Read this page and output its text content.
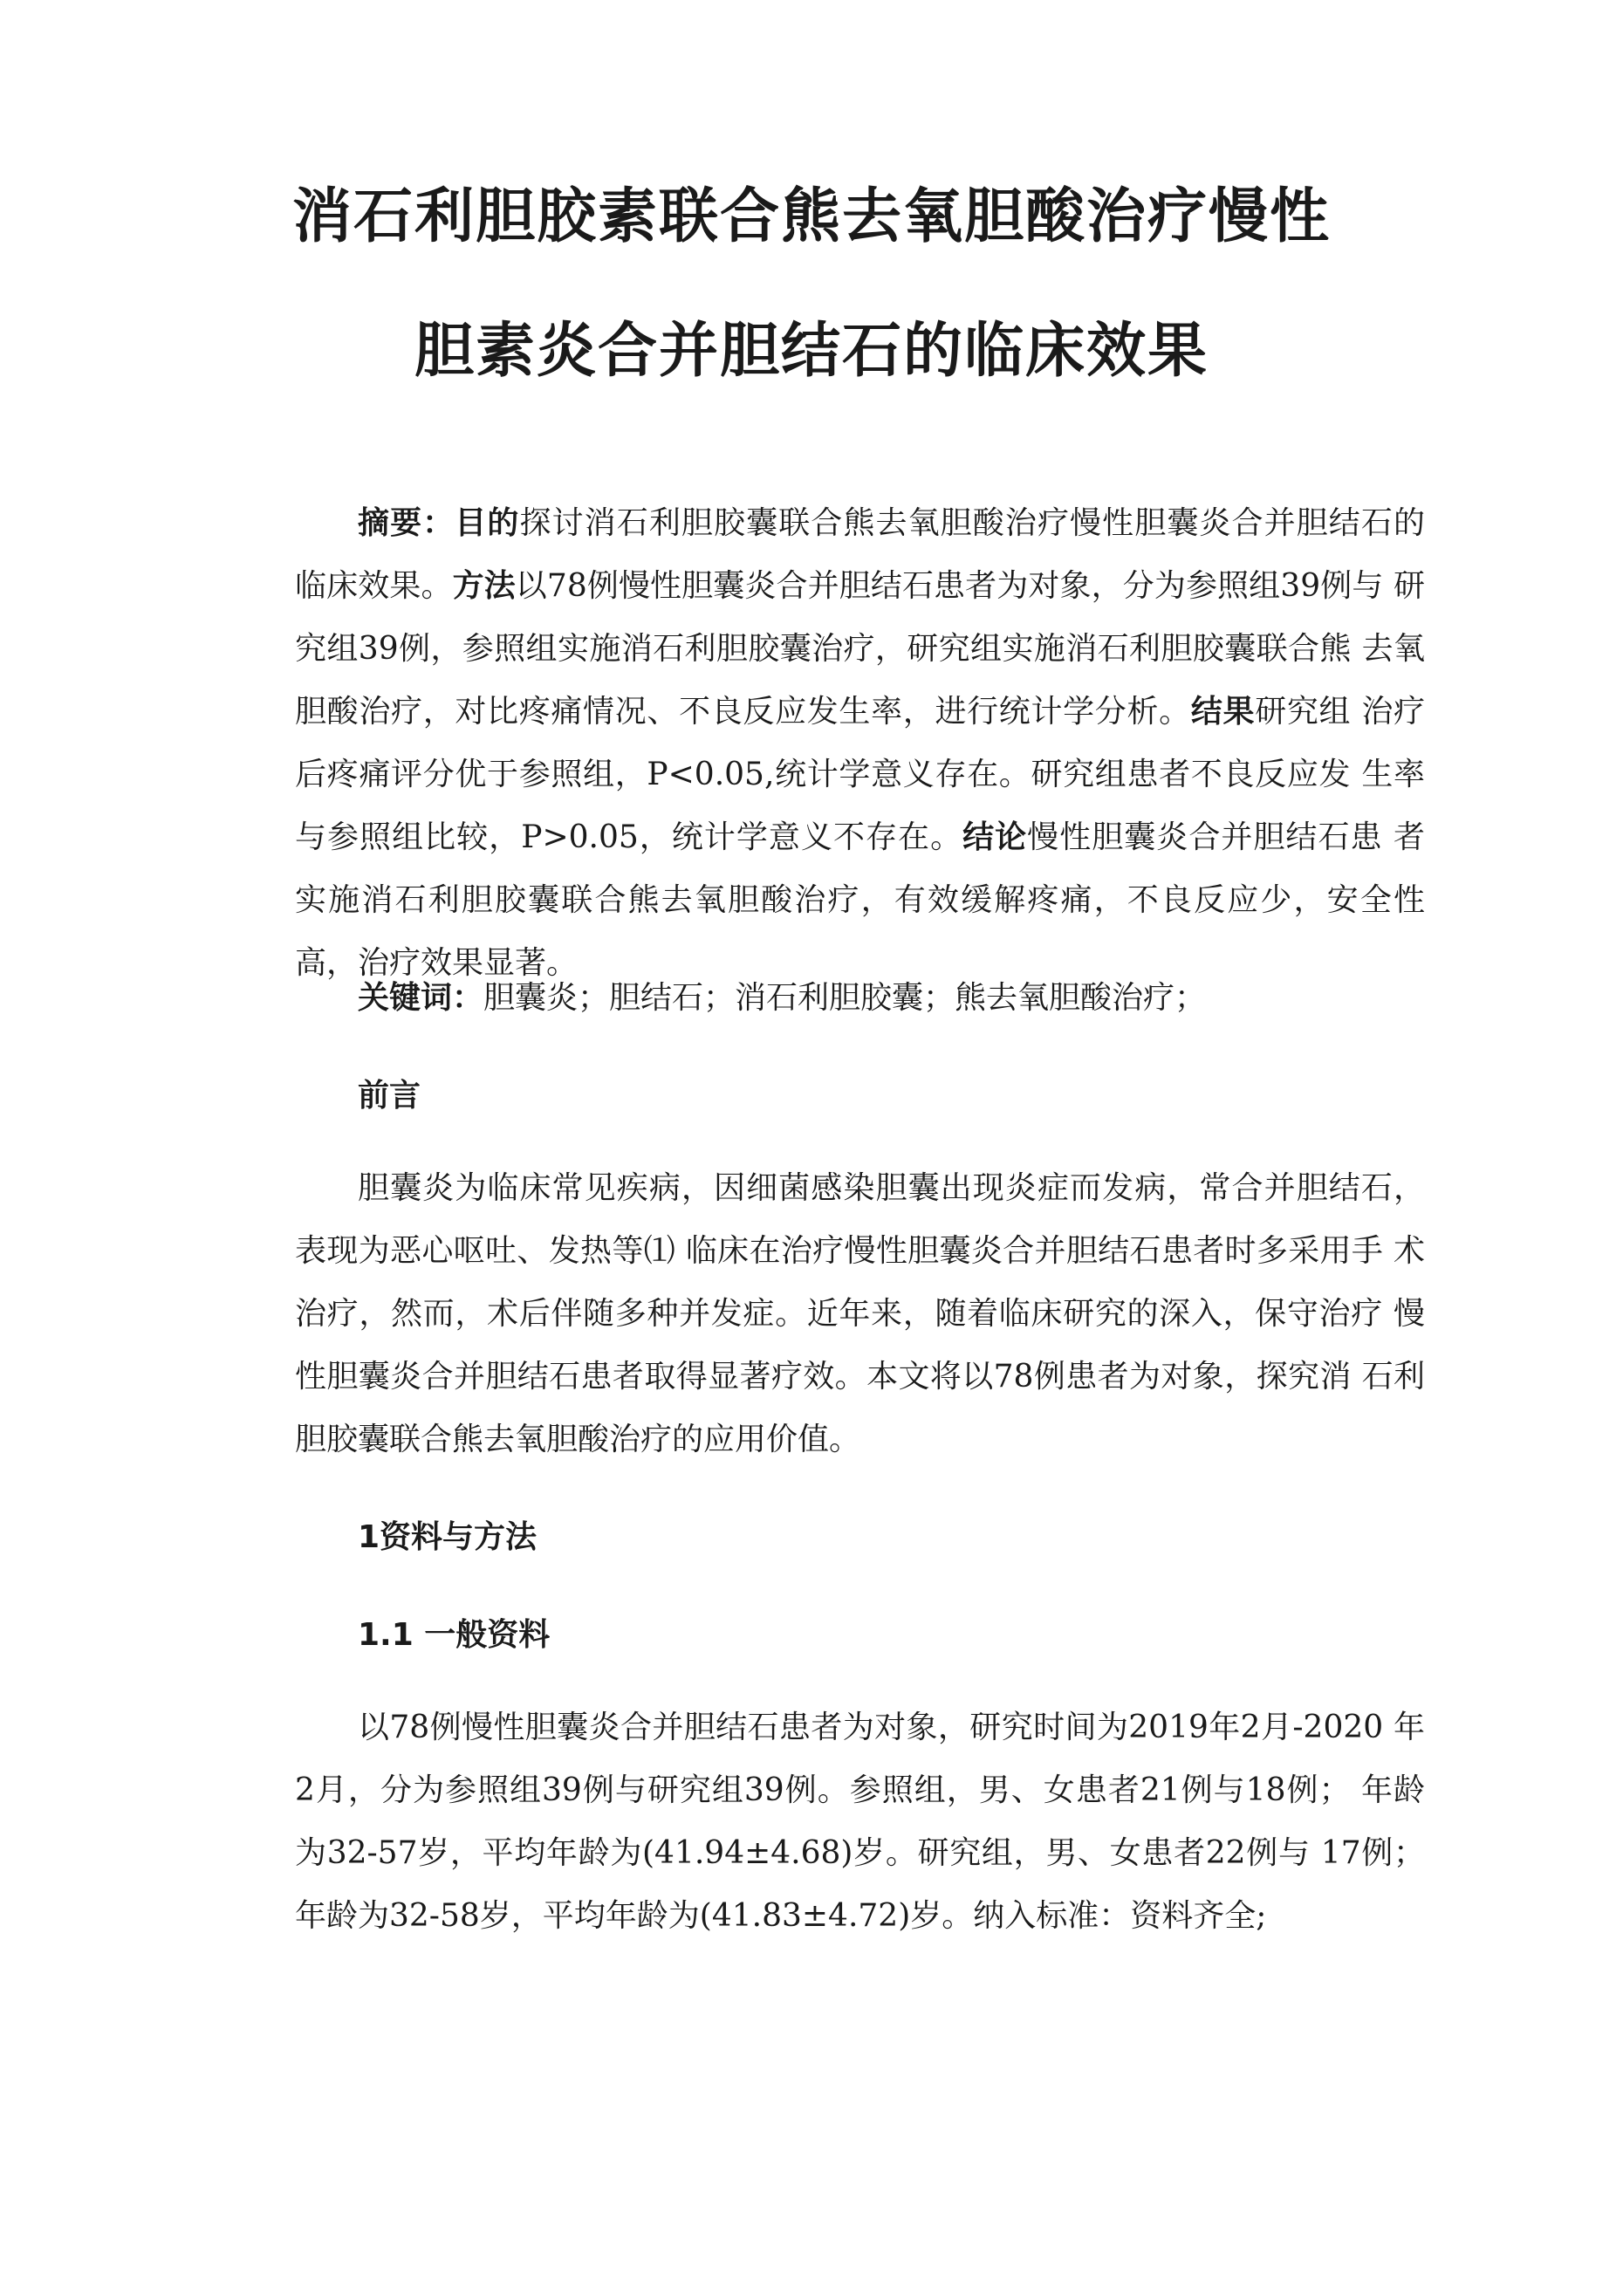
消石利胆胶素联合熊去氧胆酸治疗慢性
胆素炎合并胆结石的临床效果

摘要：目的探讨消石利胆胶囊联合熊去氧胆酸治疗慢性胆囊炎合并胆结石的 临床效果。方法以78例慢性胆囊炎合并胆结石患者为对象，分为参照组39例与 研究组39例，参照组实施消石利胆胶囊治疗，研究组实施消石利胆胶囊联合熊 去氧胆酸治疗，对比疼痛情况、不良反应发生率，进行统计学分析。结果研究组 治疗后疼痛评分优于参照组，P<0.05,统计学意义存在。研究组患者不良反应发 生率与参照组比较，P>0.05，统计学意义不存在。结论慢性胆囊炎合并胆结石患 者实施消石利胆胶囊联合熊去氧胆酸治疗，有效缓解疼痛，不良反应少，安全性 高，治疗效果显著。

关键词：胆囊炎；胆结石；消石利胆胶囊；熊去氧胆酸治疗；

前言

胆囊炎为临床常见疾病，因细菌感染胆囊出现炎症而发病，常合并胆结石， 表现为恶心呕吐、发热等⑴ 临床在治疗慢性胆囊炎合并胆结石患者时多采用手 术治疗，然而，术后伴随多种并发症。近年来，随着临床研究的深入，保守治疗 慢性胆囊炎合并胆结石患者取得显著疗效。本文将以78例患者为对象，探究消 石利胆胶囊联合熊去氧胆酸治疗的应用价值。

1资料与方法

1.1 一般资料

以78例慢性胆囊炎合并胆结石患者为对象，研究时间为2019年2月-2020 年2月，分为参照组39例与研究组39例。参照组，男、女患者21例与18例； 年龄为32-57岁，平均年龄为(41.94±4.68)岁。研究组，男、女患者22例与 17例；年龄为32-58岁，平均年龄为(41.83±4.72)岁。纳入标准：资料齐全;
